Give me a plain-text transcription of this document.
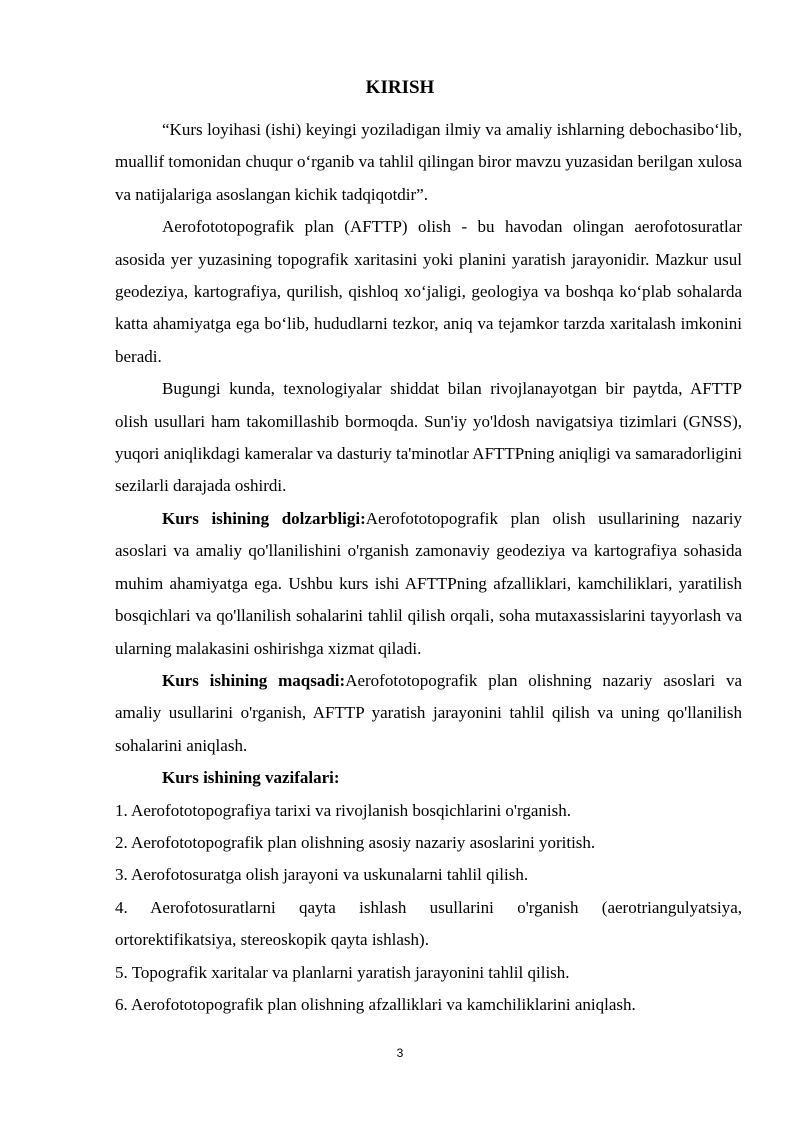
KIRISH

“Kurs loyihasi (ishi) keyingi yoziladigan ilmiy va amaliy ishlarning debochasibo‘lib, muallif tomonidan chuqur o‘rganib va tahlil qilingan biror mavzu yuzasidan berilgan xulosa va natijalariga asoslangan kichik tadqiqotdir”.

Aerofototopografik plan (AFTTP) olish - bu havodan olingan aerofotosuratlar asosida yer yuzasining topografik xaritasini yoki planini yaratish jarayonidir. Mazkur usul geodeziya, kartografiya, qurilish, qishloq xo‘jaligi, geologiya va boshqa ko‘plab sohalarda katta ahamiyatga ega bo‘lib, hududlarni tezkor, aniq va tejamkor tarzda xaritalash imkonini beradi.

Bugungi kunda, texnologiyalar shiddat bilan rivojlanayotgan bir paytda, AFTTP olish usullari ham takomillashib bormoqda. Sun'iy yo'ldosh navigatsiya tizimlari (GNSS), yuqori aniqlikdagi kameralar va dasturiy ta'minotlar AFTTPning aniqligi va samaradorligini sezilarli darajada oshirdi.

Kurs ishining dolzarbligi:Aerofototopografik plan olish usullarining nazariy asoslari va amaliy qo'llanilishini o'rganish zamonaviy geodeziya va kartografiya sohasida muhim ahamiyatga ega. Ushbu kurs ishi AFTTPning afzalliklari, kamchiliklari, yaratilish bosqichlari va qo'llanilish sohalarini tahlil qilish orqali, soha mutaxassislarini tayyorlash va ularning malakasini oshirishga xizmat qiladi.

Kurs ishining maqsadi:Aerofototopografik plan olishning nazariy asoslari va amaliy usullarini o'rganish, AFTTP yaratish jarayonini tahlil qilish va uning qo'llanilish sohalarini aniqlash.

Kurs ishining vazifalari:

1. Aerofototopografiya tarixi va rivojlanish bosqichlarini o'rganish.

2. Aerofototopografik plan olishning asosiy nazariy asoslarini yoritish.

3. Aerofotosuratga olish jarayoni va uskunalarni tahlil qilish.

4. Aerofotosuratlarni qayta ishlash usullarini o'rganish (aerotriangulyatsiya, ortorektifikatsiya, stereoskopik qayta ishlash).

5. Topografik xaritalar va planlarni yaratish jarayonini tahlil qilish.

6. Aerofototopografik plan olishning afzalliklari va kamchiliklarini aniqlash.

3
